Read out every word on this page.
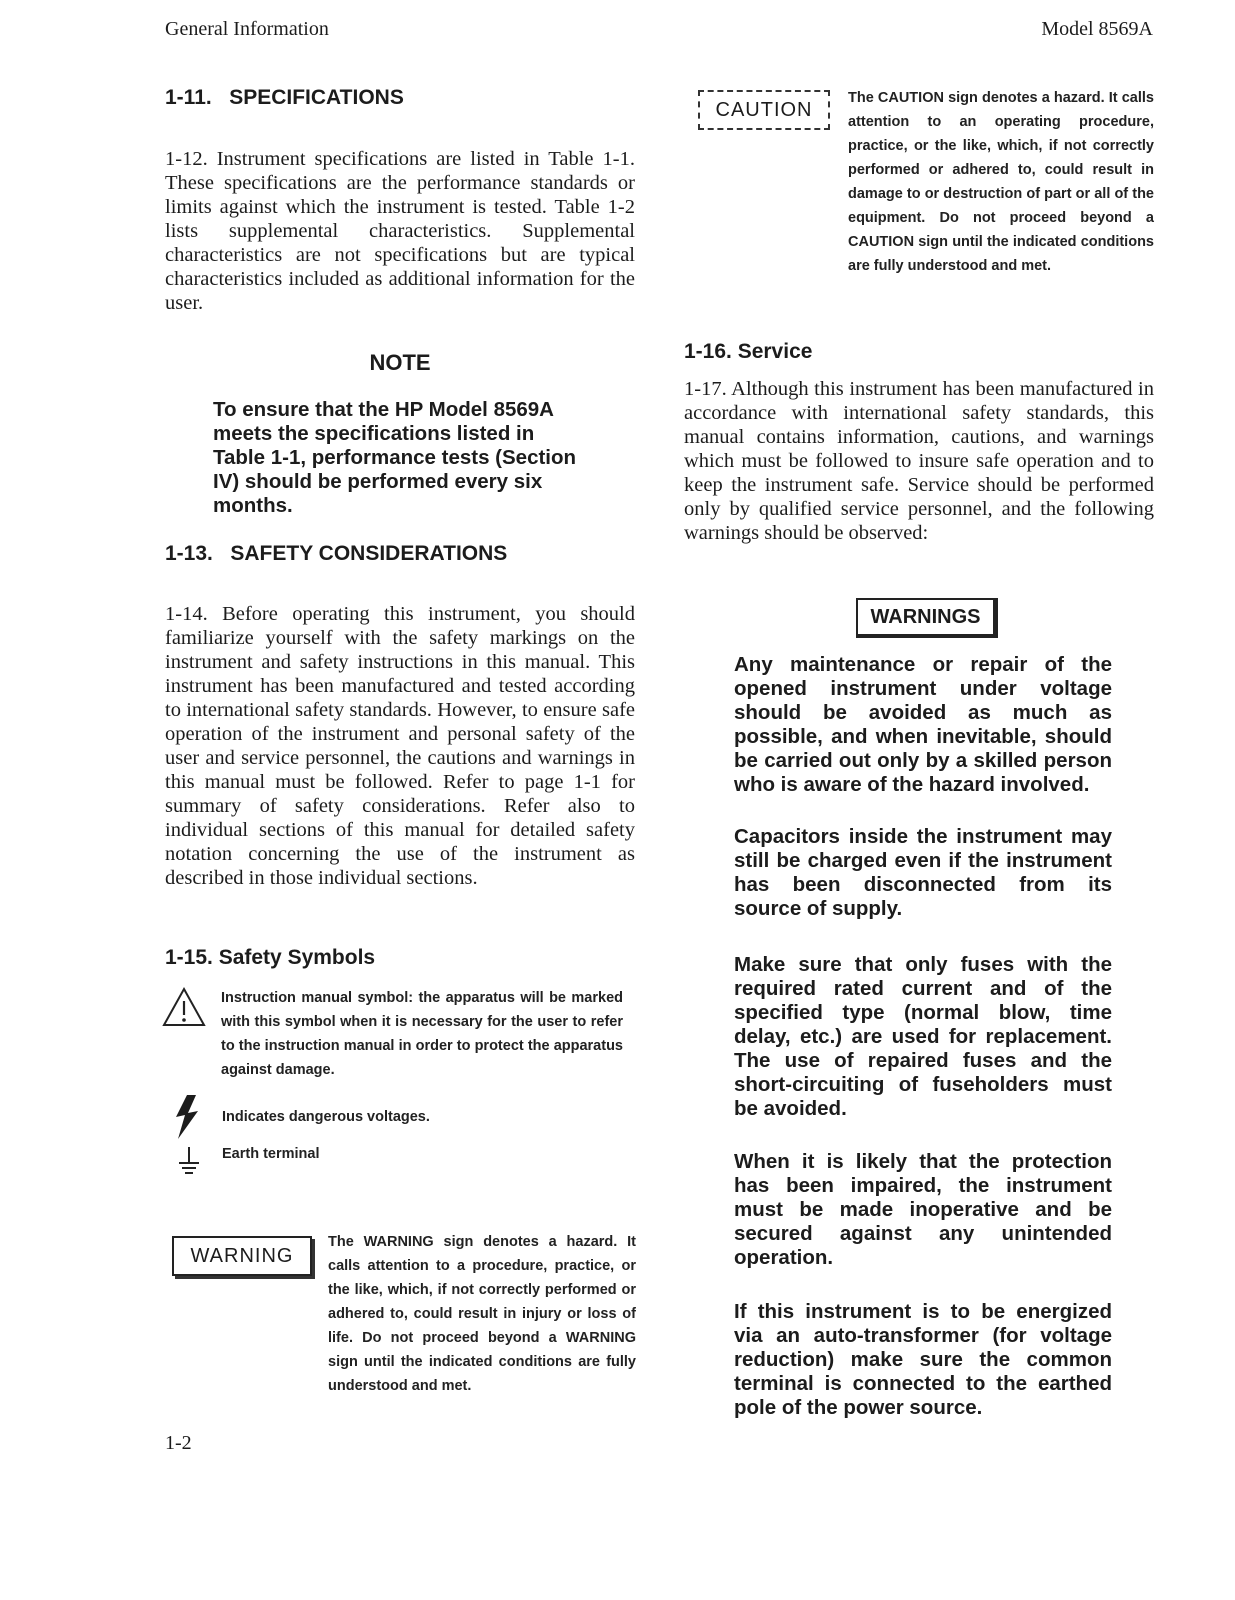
General Information	Model 8569A
1-11.   SPECIFICATIONS

1-12. Instrument specifications are listed in Table 1-1. These specifications are the performance standards or limits against which the instrument is tested. Table 1-2 lists supplemental characteristics. Supplemental characteristics are not specifications but are typical characteristics included as additional information for the user.

NOTE

To ensure that the HP Model 8569A meets the specifications listed in Table 1-1, performance tests (Section IV) should be performed every six months.

1-13.   SAFETY CONSIDERATIONS

1-14. Before operating this instrument, you should familiarize yourself with the safety markings on the instrument and safety instructions in this manual. This instrument has been manufactured and tested according to international safety standards. However, to ensure safe operation of the instrument and personal safety of the user and service personnel, the cautions and warnings in this manual must be followed. Refer to page 1-1 for summary of safety considerations. Refer also to individual sections of this manual for detailed safety notation concerning the use of the instrument as described in those individual sections.

1-15. Safety Symbols

Instruction manual symbol: the apparatus will be marked with this symbol when it is necessary for the user to refer to the instruction manual in order to protect the apparatus against damage.

Indicates dangerous voltages.
Earth terminal
WARNING

The WARNING sign denotes a hazard. It calls attention to a procedure, practice, or the like, which, if not correctly performed or adhered to, could result in injury or loss of life. Do not proceed beyond a WARNING sign until the indicated conditions are fully understood and met.

1-2
CAUTION

The CAUTION sign denotes a hazard. It calls attention to an operating procedure, practice, or the like, which, if not correctly performed or adhered to, could result in damage to or destruction of part or all of the equipment. Do not proceed beyond a CAUTION sign until the indicated conditions are fully understood and met.

1-16. Service

1-17. Although this instrument has been manufactured in accordance with international safety standards, this manual contains information, cautions, and warnings which must be followed to insure safe operation and to keep the instrument safe. Service should be performed only by qualified service personnel, and the following warnings should be observed:

WARNINGS

Any maintenance or repair of the opened instrument under voltage should be avoided as much as possible, and when inevitable, should be carried out only by a skilled person who is aware of the hazard involved.

Capacitors inside the instrument may still be charged even if the instrument has been disconnected from its source of supply.

Make sure that only fuses with the required rated current and of the specified type (normal blow, time delay, etc.) are used for replacement. The use of repaired fuses and the short-circuiting of fuseholders must be avoided.

When it is likely that the protection has been impaired, the instrument must be made inoperative and be secured against any unintended operation.

If this instrument is to be energized via an auto-transformer (for voltage reduction) make sure the common terminal is connected to the earthed pole of the power source.
